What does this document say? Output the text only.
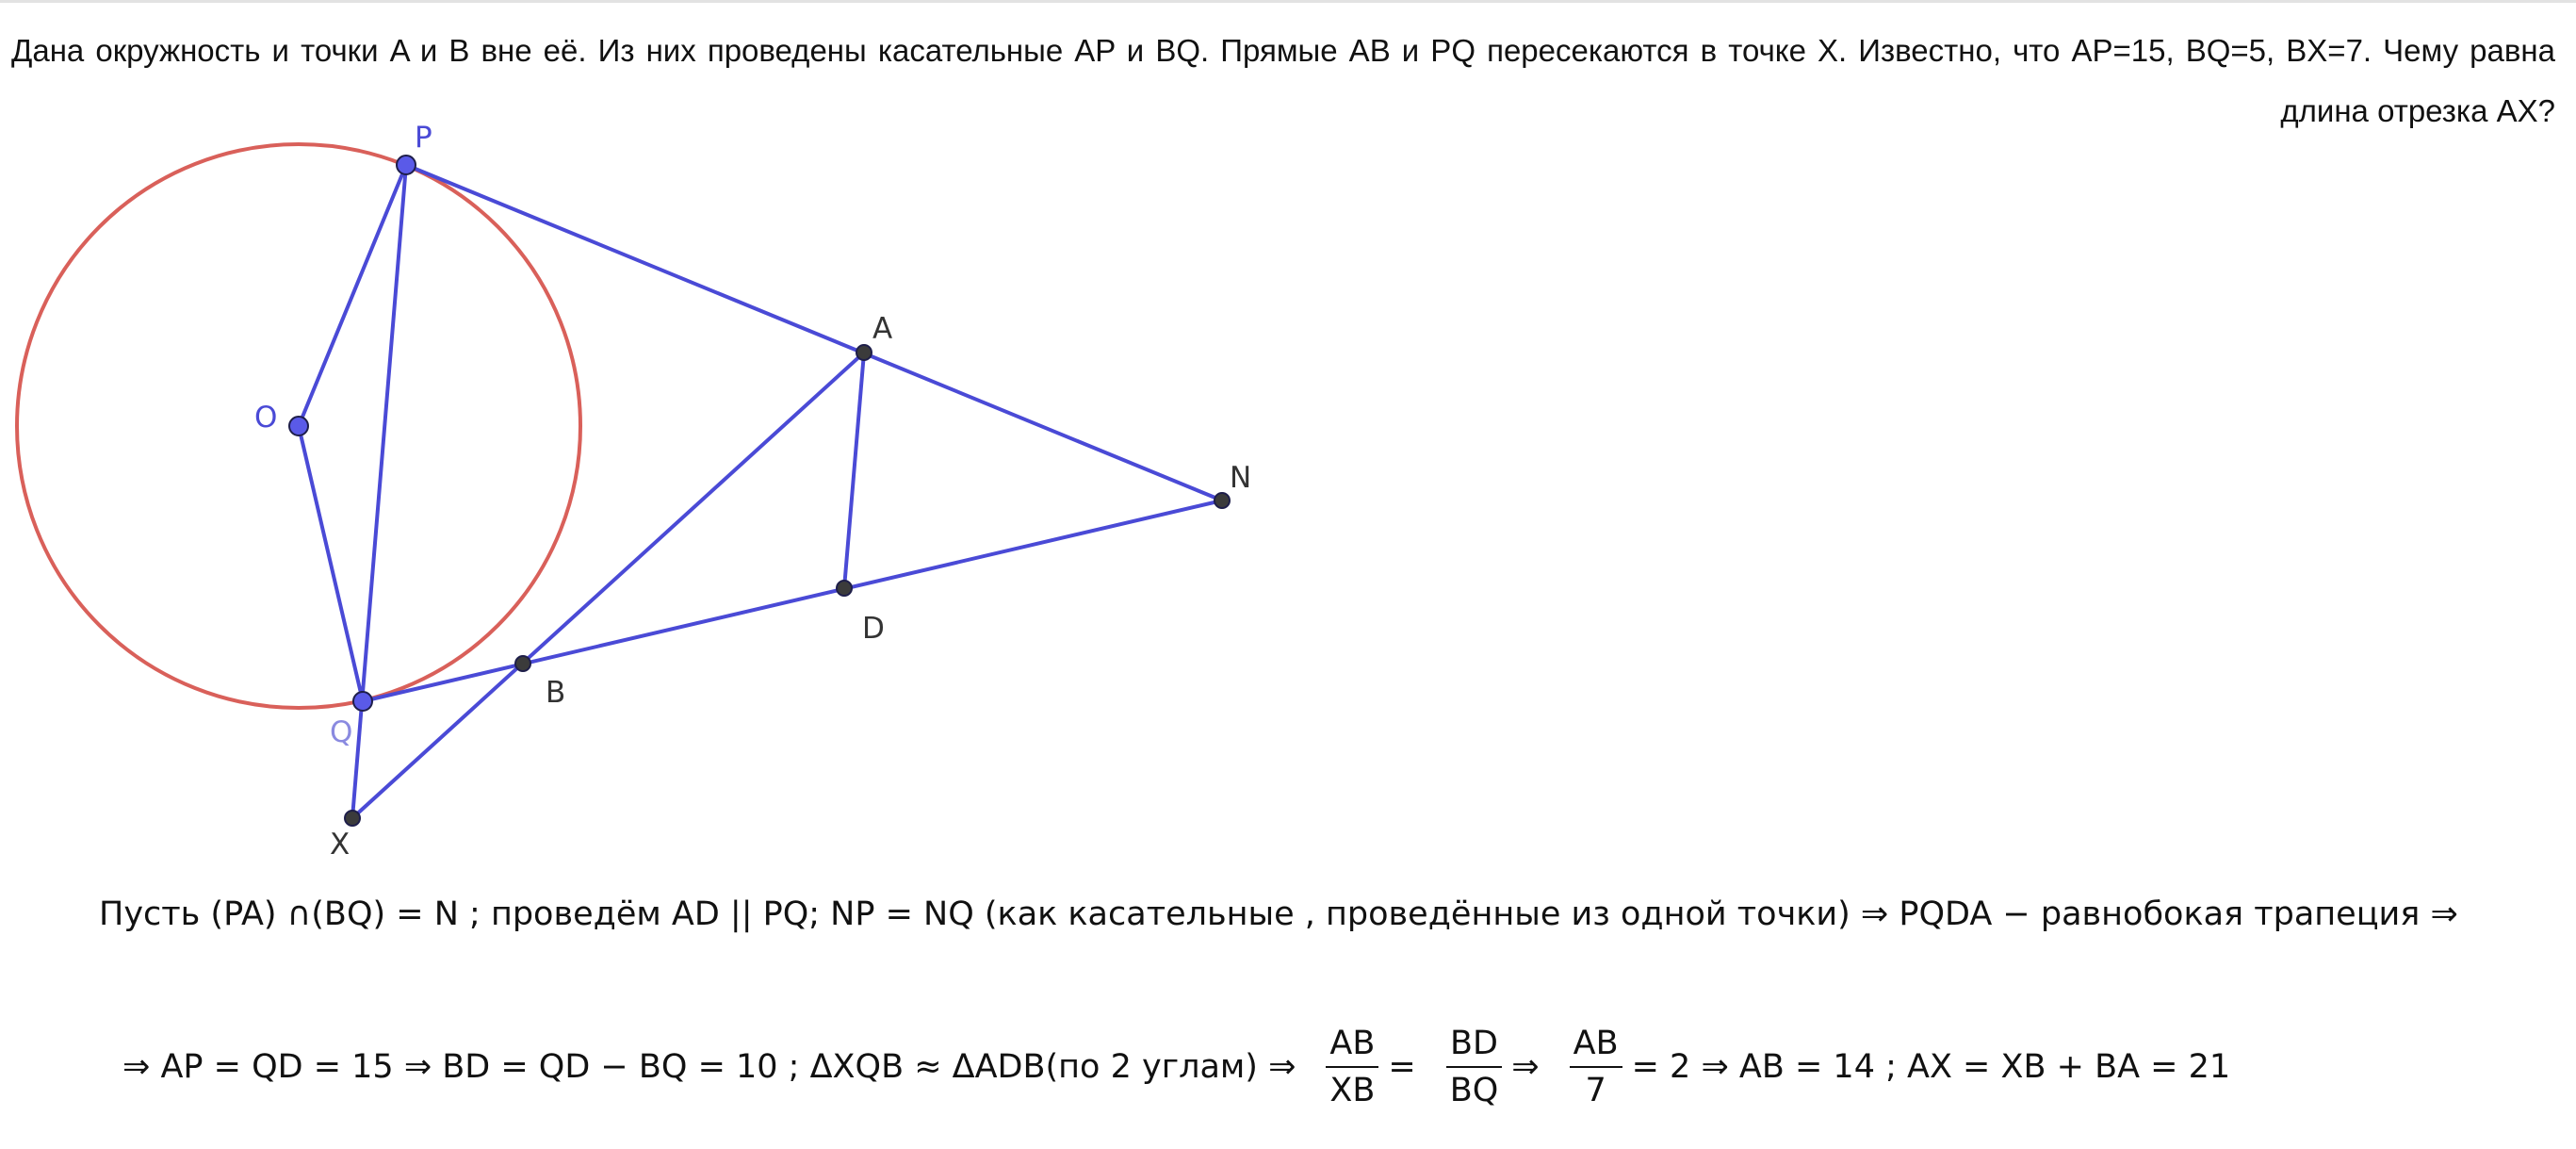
Дана окружность и точки A и B вне её. Из них проведены касательные AP и BQ. Прямые AB и PQ пересекаются в точке X. Известно, что AP=15, BQ=5, BX=7. Чему равна длина отрезка AX?
P
O
Q
X
A
B
D
N
Пусть (PA) ∩(BQ) = N ; проведём AD || PQ; NP = NQ (как касательные , проведённые из одной точки) ⇒ PQDA − равнобокая трапеция ⇒
⇒ AP = QD = 15 ⇒ BD = QD − BQ = 10 ; ΔXQB ≈ ΔADB(по 2 углам) ⇒ $\frac{AB}{XB} = \frac{BD}{BQ}$ ⇒ $\frac{AB}{7} = 2$ ⇒ AB = 14 ; AX = XB + BA = 21
